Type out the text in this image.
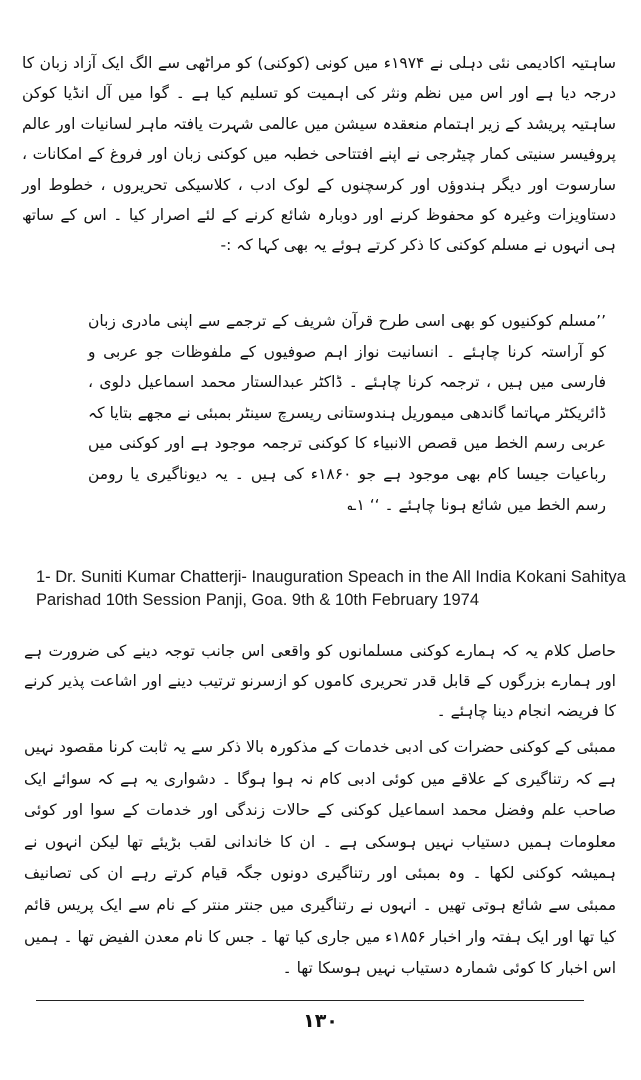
ساہتیہ اکادیمی نئی دہلی نے ۱۹۷۴ء میں کونی (کوکنی) کو مراٹھی سے الگ ایک آزاد زبان کا درجہ دیا ہے اور اس میں نظم ونثر کی اہمیت کو تسلیم کیا ہے ۔ گوا میں آل انڈیا کوکن ساہتیہ پریشد کے زیر اہتمام منعقدہ سیشن میں عالمی شہرت یافتہ ماہر لسانیات اور عالم پروفیسر سنیتی کمار چیٹرجی نے اپنے افتتاحی خطبہ میں کوکنی زبان اور فروغ کے امکانات ، سارسوت اور دیگر ہندوؤں اور کرسچنوں کے لوک ادب ، کلاسیکی تحریروں ، خطوط اور دستاویزات وغیرہ کو محفوظ کرنے اور دوبارہ شائع کرنے کے لئے اصرار کیا ۔ اس کے ساتھ ہی انہوں نے مسلم کوکنی کا ذکر کرتے ہوئے یہ بھی کہا کہ :-

’’مسلم کوکنیوں کو بھی اسی طرح قرآن شریف کے ترجمے سے اپنی مادری زبان کو آراستہ کرنا چاہئے ۔ انسانیت نواز اہم صوفیوں کے ملفوظات جو عربی و فارسی میں ہیں ، ترجمہ کرنا چاہئے ۔ ڈاکٹر عبدالستار محمد اسماعیل دلوی ، ڈائریکٹر مہاتما گاندھی میموریل ہندوستانی ریسرچ سینٹر بمبئی نے مجھے بتایا کہ عربی رسم الخط میں قصص الانبیاء کا کوکنی ترجمہ موجود ہے اور کوکنی میں رباعیات جیسا کام بھی موجود ہے جو ۱۸۶۰ء کی ہیں ۔ یہ دیوناگیری یا رومن رسم الخط میں شائع ہونا چاہئے ۔ ‘‘ ۱؎

1- Dr. Suniti Kumar Chatterji- Inauguration Speach in the All India Kokani Sahitya Parishad 10th Session Panji, Goa. 9th & 10th February 1974

حاصل کلام یہ کہ ہمارے کوکنی مسلمانوں کو واقعی اس جانب توجہ دینے کی ضرورت ہے اور ہمارے بزرگوں کے قابل قدر تحریری کاموں کو ازسرنو ترتیب دینے اور اشاعت پذیر کرنے کا فریضہ انجام دینا چاہئے ۔

ممبئی کے کوکنی حضرات کی ادبی خدمات کے مذکورہ بالا ذکر سے یہ ثابت کرنا مقصود نہیں ہے کہ رتناگیری کے علاقے میں کوئی ادبی کام نہ ہوا ہوگا ۔ دشواری یہ ہے کہ سوائے ایک صاحب علم وفضل محمد اسماعیل کوکنی کے حالات زندگی اور خدمات کے سوا اور کوئی معلومات ہمیں دستیاب نہیں ہوسکی ہے ۔ ان کا خاندانی لقب بڑیئے تھا لیکن انہوں نے ہمیشہ کوکنی لکھا ۔ وہ بمبئی اور رتناگیری دونوں جگہ قیام کرتے رہے ان کی تصانیف ممبئی سے شائع ہوتی تھیں ۔ انہوں نے رتناگیری میں جنتر منتر کے نام سے ایک پریس قائم کیا تھا اور ایک ہفتہ وار اخبار ۱۸۵۶ء میں جاری کیا تھا ۔ جس کا نام معدن الفیض تھا ۔ ہمیں اس اخبار کا کوئی شمارہ دستیاب نہیں ہوسکا تھا ۔

۱۳۰
